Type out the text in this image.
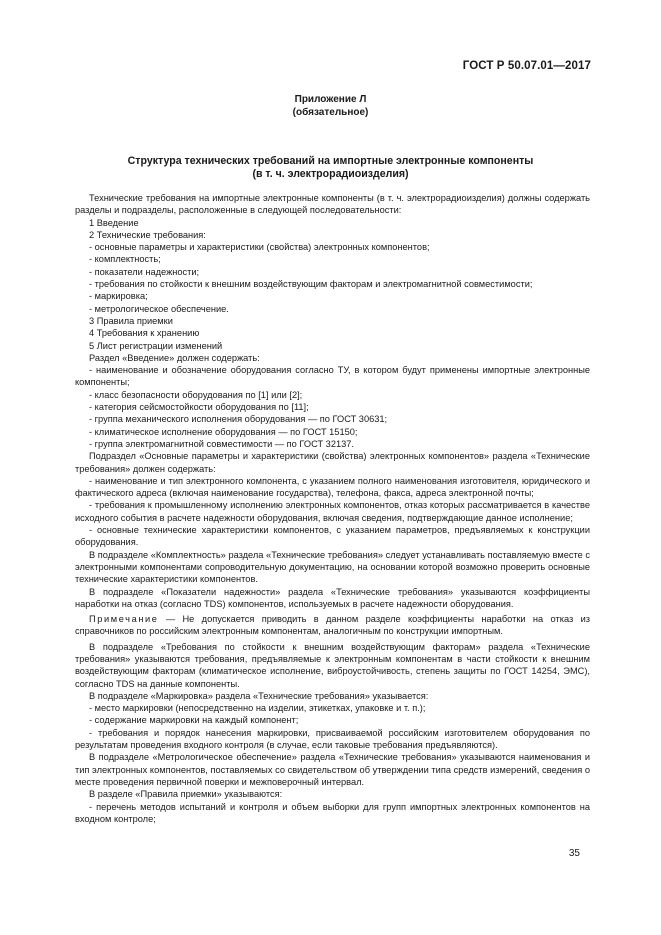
ГОСТ Р 50.07.01—2017
Приложение Л
(обязательное)
Структура технических требований на импортные электронные компоненты
(в т. ч. электрорадиоизделия)

Технические требования на импортные электронные компоненты (в т. ч. электрорадиоизделия) должны содержать разделы и подразделы, расположенные в следующей последовательности:

1 Введение

2 Технические требования:

- основные параметры и характеристики (свойства) электронных компонентов;

- комплектность;

- показатели надежности;

- требования по стойкости к внешним воздействующим факторам и электромагнитной совместимости;

- маркировка;

- метрологическое обеспечение.

3 Правила приемки

4 Требования к хранению

5 Лист регистрации изменений

Раздел «Введение» должен содержать:

- наименование и обозначение оборудования согласно ТУ, в котором будут применены импортные электронные компоненты;

- класс безопасности оборудования по [1] или [2];

- категория сейсмостойкости оборудования по [11];

- группа механического исполнения оборудования — по ГОСТ 30631;

- климатическое исполнение оборудования — по ГОСТ 15150;

- группа электромагнитной совместимости — по ГОСТ 32137.

Подраздел «Основные параметры и характеристики (свойства) электронных компонентов» раздела «Технические требования» должен содержать:

- наименование и тип электронного компонента, с указанием полного наименования изготовителя, юридического и фактического адреса (включая наименование государства), телефона, факса, адреса электронной почты;

- требования к промышленному исполнению электронных компонентов, отказ которых рассматривается в качестве исходного события в расчете надежности оборудования, включая сведения, подтверждающие данное исполнение;

- основные технические характеристики компонентов, с указанием параметров, предъявляемых к конструкции оборудования.

В подразделе «Комплектность» раздела «Технические требования» следует устанавливать поставляемую вместе с электронными компонентами сопроводительную документацию, на основании которой возможно проверить основные технические характеристики компонентов.

В подразделе «Показатели надежности» раздела «Технические требования» указываются коэффициенты наработки на отказ (согласно TDS) компонентов, используемых в расчете надежности оборудования.

Примечание — Не допускается приводить в данном разделе коэффициенты наработки на отказ из справочников по российским электронным компонентам, аналогичным по конструкции импортным.

В подразделе «Требования по стойкости к внешним воздействующим факторам» раздела «Технические требования» указываются требования, предъявляемые к электронным компонентам в части стойкости к внешним воздействующим факторам (климатическое исполнение, виброустойчивость, степень защиты по ГОСТ 14254, ЭМС), согласно TDS на данные компоненты.

В подразделе «Маркировка» раздела «Технические требования» указывается:

- место маркировки (непосредственно на изделии, этикетках, упаковке и т. п.);

- содержание маркировки на каждый компонент;

- требования и порядок нанесения маркировки, присваиваемой российским изготовителем оборудования по результатам проведения входного контроля (в случае, если таковые требования предъявляются).

В подразделе «Метрологическое обеспечение» раздела «Технические требования» указываются наименования и тип электронных компонентов, поставляемых со свидетельством об утверждении типа средств измерений, сведения о месте проведения первичной поверки и межповерочный интервал.

В разделе «Правила приемки» указываются:

- перечень методов испытаний и контроля и объем выборки для групп импортных электронных компонентов на входном контроле;

35
